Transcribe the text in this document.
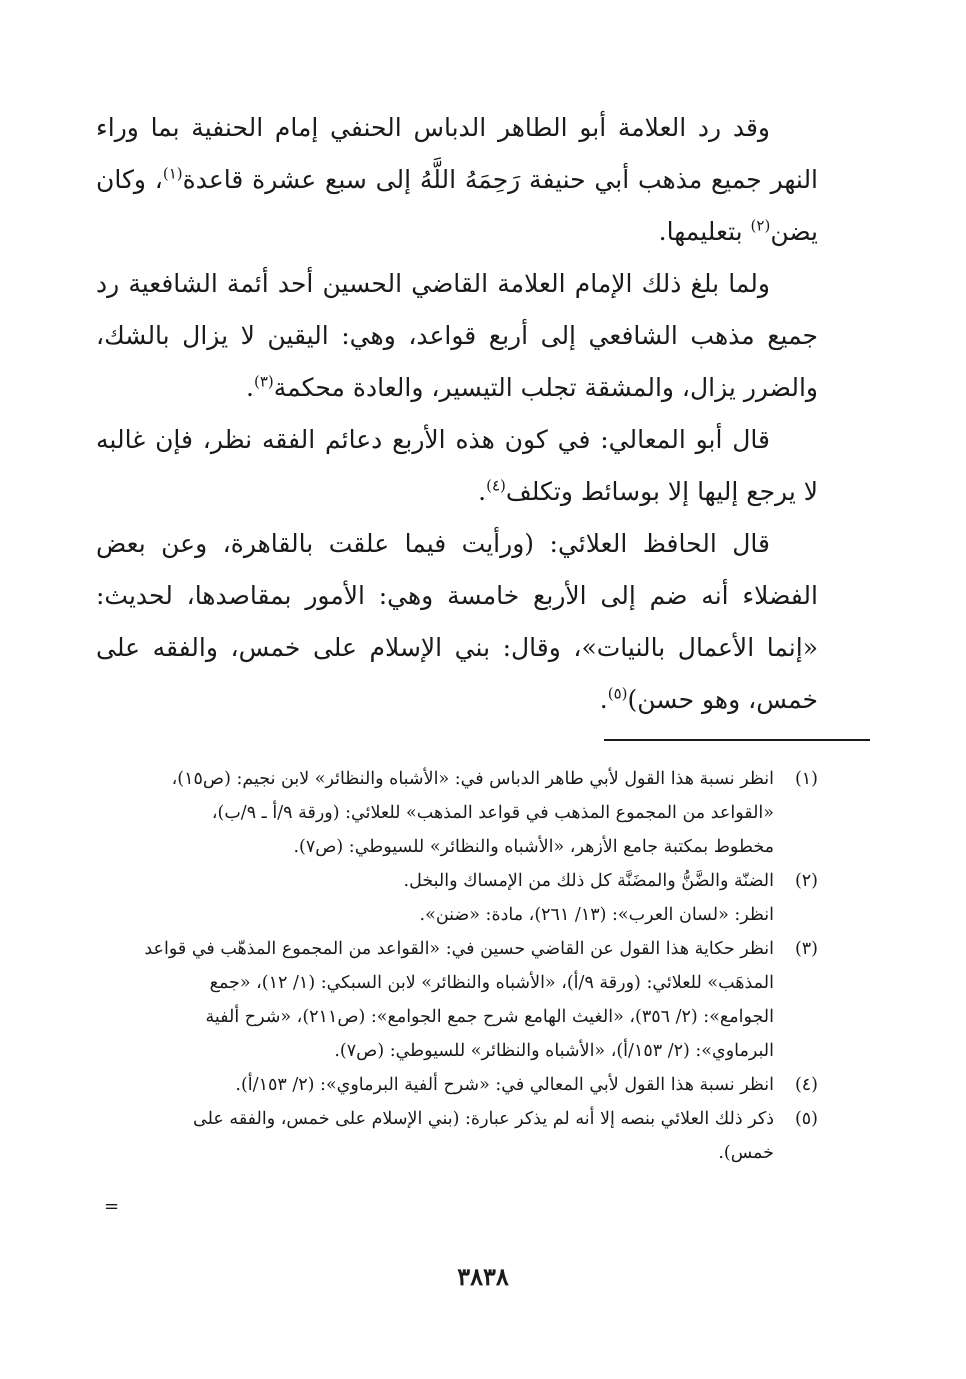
وقد رد العلامة أبو الطاهر الدباس الحنفي إمام الحنفية بما وراء النهر جميع مذهب أبي حنيفة رَحِمَهُ اللَّهُ إلى سبع عشرة قاعدة$^{(١)}$، وكان يضن$^{(٢)}$ بتعليمها.

ولما بلغ ذلك الإمام العلامة القاضي الحسين أحد أئمة الشافعية رد جميع مذهب الشافعي إلى أربع قواعد، وهي: اليقين لا يزال بالشك، والضرر يزال، والمشقة تجلب التيسير، والعادة محكمة$^{(٣)}$.

قال أبو المعالي: في كون هذه الأربع دعائم الفقه نظر، فإن غالبه لا يرجع إليها إلا بوسائط وتكلف$^{(٤)}$.

قال الحافظ العلائي: (ورأيت فيما علقت بالقاهرة، وعن بعض الفضلاء أنه ضم إلى الأربع خامسة وهي: الأمور بمقاصدها، لحديث: «إنما الأعمال بالنيات»، وقال: بني الإسلام على خمس، والفقه على خمس، وهو حسن)$^{(٥)}$.

(١)
انظر نسبة هذا القول لأبي طاهر الدباس في: «الأشباه والنظائر» لابن نجيم: (ص١٥)،
«القواعد من المجموع المذهب في قواعد المذهب» للعلائي: (ورقة ٩/أ ـ ٩/ب)،
مخطوط بمكتبة جامع الأزهر، «الأشباه والنظائر» للسيوطي: (ص٧).
(٢)
الضنّة والضَّنُّ والمضَنَّة كل ذلك من الإمساك والبخل.
انظر: «لسان العرب»: (١٣/ ٢٦١)، مادة: «ضنن».
(٣)
انظر حكاية هذا القول عن القاضي حسين في: «القواعد من المجموع المذهّب في قواعد
المذهَب» للعلائي: (ورقة ٩/أ)، «الأشباه والنظائر» لابن السبكي: (١/ ١٢)، «جمع
الجوامع»: (٢/ ٣٥٦)، «الغيث الهامع شرح جمع الجوامع»: (ص٢١١)، «شرح ألفية
البرماوي»: (٢/ ١٥٣/أ)، «الأشباه والنظائر» للسيوطي: (ص٧).
(٤)
انظر نسبة هذا القول لأبي المعالي في: «شرح ألفية البرماوي»: (٢/ ١٥٣/أ).
(٥)
ذكر ذلك العلائي بنصه إلا أنه لم يذكر عبارة: (بني الإسلام على خمس، والفقه على
خمس).
=
٣٨٣٨
